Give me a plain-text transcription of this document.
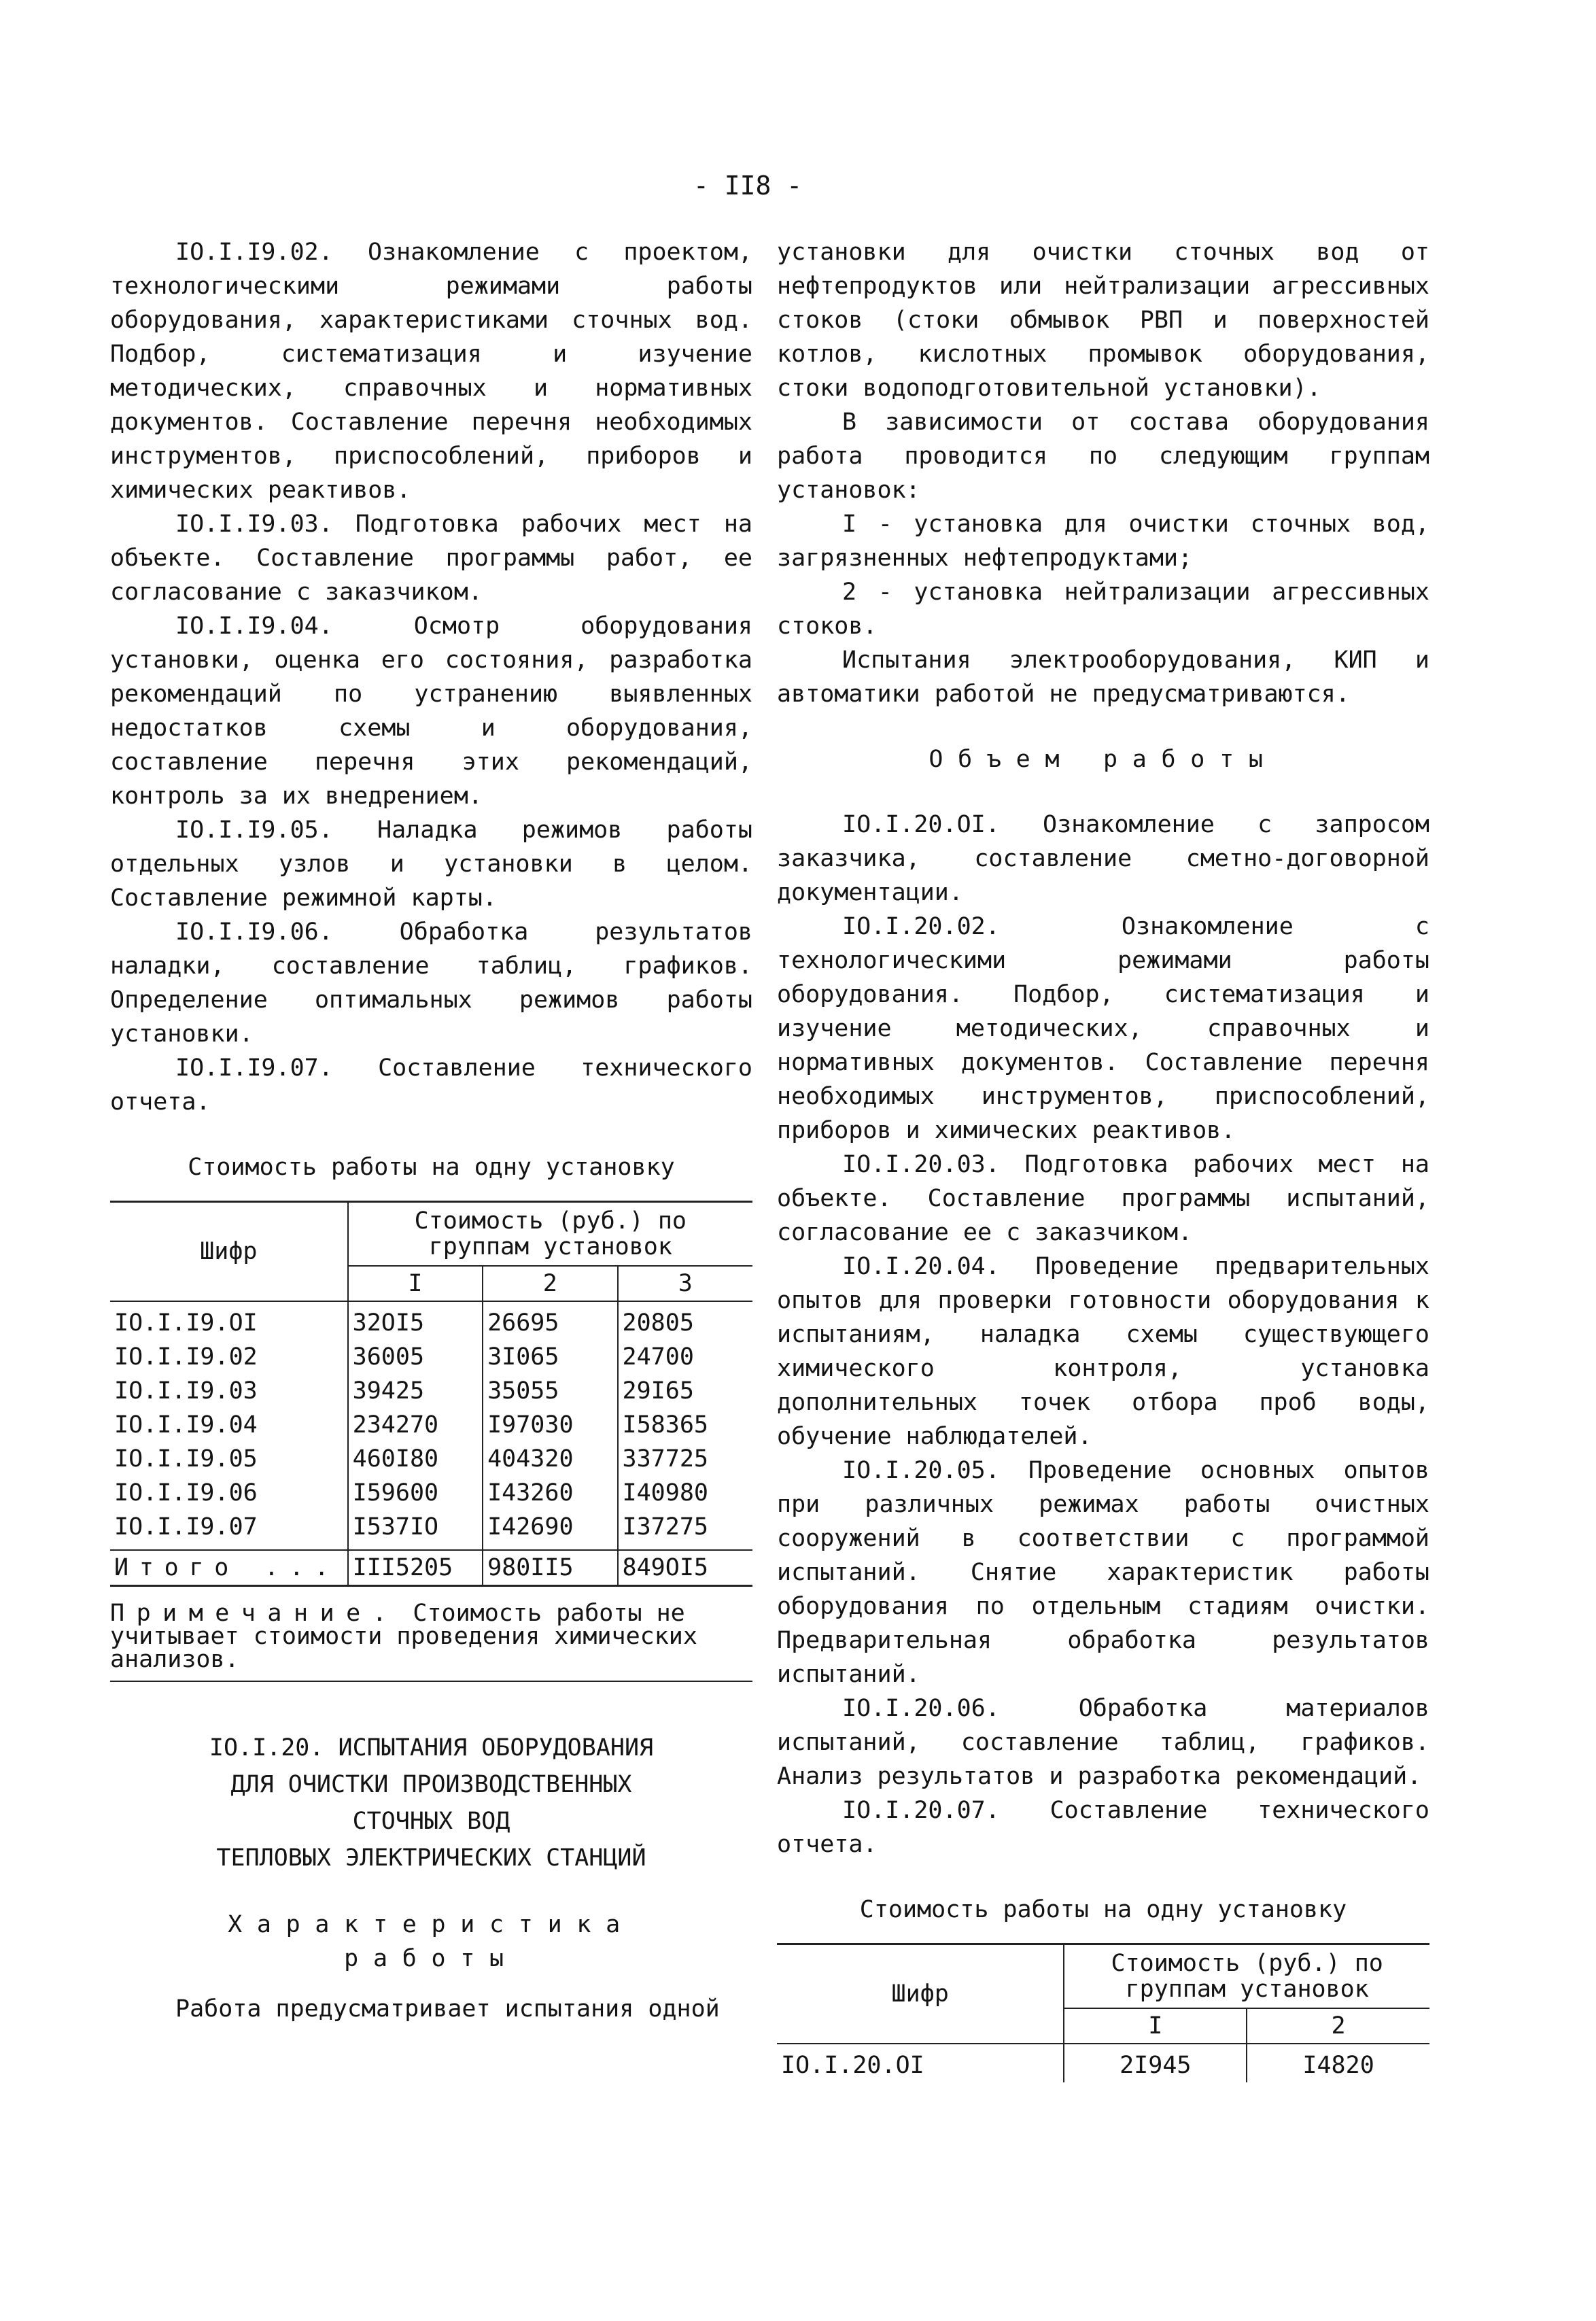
- II8 -

IO.I.I9.02. Ознакомление с проектом, технологическими режимами работы оборудования, характеристиками сточных вод. Подбор, систематизация и изучение методических, справочных и нормативных документов. Составление перечня необходимых инструментов, приспособлений, приборов и химических реактивов.

IO.I.I9.03. Подготовка рабочих мест на объекте. Составление программы работ, ее согласование с заказчиком.

IO.I.I9.04. Осмотр оборудования установки, оценка его состояния, разработка рекомендаций по устранению выявленных недостатков схемы и оборудования, составление перечня этих рекомендаций, контроль за их внедрением.

IO.I.I9.05. Наладка режимов работы отдельных узлов и установки в целом. Составление режимной карты.

IO.I.I9.06. Обработка результатов наладки, составление таблиц, графиков. Определение оптимальных режимов работы установки.

IO.I.I9.07. Составление технического отчета.

Стоимость работы на одну установку

Шифр	Стоимость (руб.) по группам установок		
	I	2	3
IO.I.I9.OI	32OI5	26695	20805
IO.I.I9.02	36005	3I065	24700
IO.I.I9.03	39425	35055	29I65
IO.I.I9.04	234270	I97030	I58365
IO.I.I9.05	460I80	404320	337725
IO.I.I9.06	I59600	I43260	I40980
IO.I.I9.07	I537IO	I42690	I37275
Итого ...	III5205	980II5	849OI5
Примечание. Стоимость работы не учитывает стоимости проведения химических анализов.
IO.I.20. ИСПЫТАНИЯ ОБОРУДОВАНИЯ
ДЛЯ ОЧИСТКИ ПРОИЗВОДСТВЕННЫХ
СТОЧНЫХ ВОД
ТЕПЛОВЫХ ЭЛЕКТРИЧЕСКИХ СТАНЦИЙ

Характеристика

работы

Работа предусматривает испытания одной

установки для очистки сточных вод от нефтепродуктов или нейтрализации агрессивных стоков (стоки обмывок РВП и поверхностей котлов, кислотных промывок оборудования, стоки водоподготовительной установки).

В зависимости от состава оборудования работа проводится по следующим группам установок:

I - установка для очистки сточных вод, загрязненных нефтепродуктами;

2 - установка нейтрализации агрессивных стоков.

Испытания электрооборудования, КИП и автоматики работой не предусматриваются.

Объем работы

IO.I.20.OI. Ознакомление с запросом заказчика, составление сметно-договорной документации.

IO.I.20.02. Ознакомление с технологическими режимами работы оборудования. Подбор, систематизация и изучение методических, справочных и нормативных документов. Составление перечня необходимых инструментов, приспособлений, приборов и химических реактивов.

IO.I.20.03. Подготовка рабочих мест на объекте. Составление программы испытаний, согласование ее с заказчиком.

IO.I.20.04. Проведение предварительных опытов для проверки готовности оборудования к испытаниям, наладка схемы существующего химического контроля, установка дополнительных точек отбора проб воды, обучение наблюдателей.

IO.I.20.05. Проведение основных опытов при различных режимах работы очистных сооружений в соответствии с программой испытаний. Снятие характеристик работы оборудования по отдельным стадиям очистки. Предварительная обработка результатов испытаний.

IO.I.20.06. Обработка материалов испытаний, составление таблиц, графиков. Анализ результатов и разработка рекомендаций.

IO.I.20.07. Составление технического отчета.

Стоимость работы на одну установку

Шифр	Стоимость (руб.) по группам установок	
	I	2
IO.I.20.OI	2I945	I4820
